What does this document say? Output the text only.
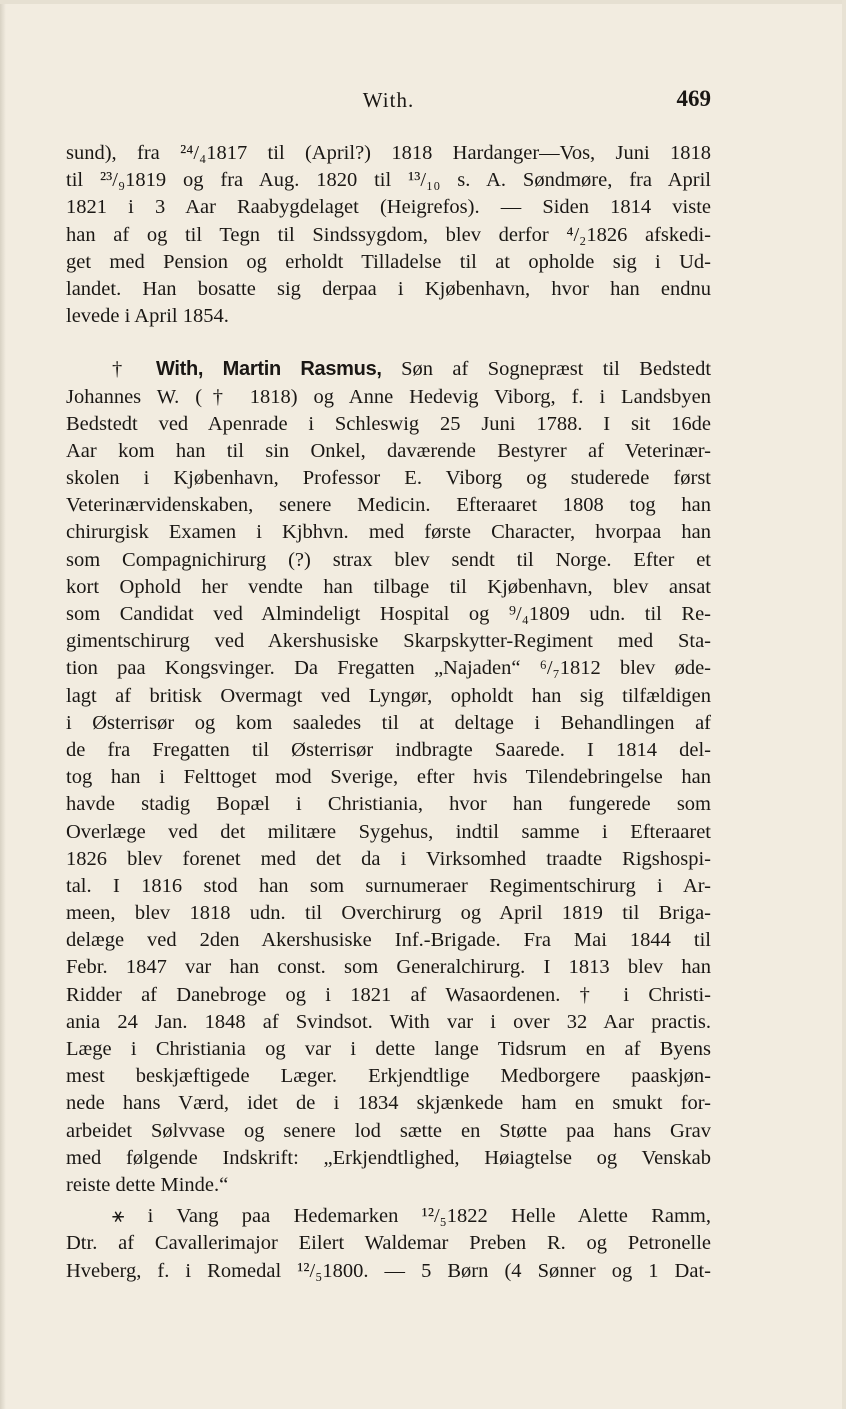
With.	469
sund), fra ²⁴/₄1817 til (April?) 1818 Hardanger—Vos, Juni 1818
til ²³/₉1819 og fra Aug. 1820 til ¹³/₁₀ s. A. Søndmøre, fra April
1821 i 3 Aar Raabygdelaget (Heigrefos). — Siden 1814 viste
han af og til Tegn til Sindssygdom, blev derfor ⁴/₂1826 afskedi-
get med Pension og erholdt Tilladelse til at opholde sig i Ud-
landet. Han bosatte sig derpaa i Kjøbenhavn, hvor han endnu
levede i April 1854.
† With, Martin Rasmus, Søn af Sognepræst til Bedstedt
Johannes W. († 1818) og Anne Hedevig Viborg, f. i Landsbyen
Bedstedt ved Apenrade i Schleswig 25 Juni 1788. I sit 16de
Aar kom han til sin Onkel, daværende Bestyrer af Veterinær-
skolen i Kjøbenhavn, Professor E. Viborg og studerede først
Veterinærvidenskaben, senere Medicin. Efteraaret 1808 tog han
chirurgisk Examen i Kjbhvn. med første Character, hvorpaa han
som Compagnichirurg (?) strax blev sendt til Norge. Efter et
kort Ophold her vendte han tilbage til Kjøbenhavn, blev ansat
som Candidat ved Almindeligt Hospital og ⁹/₄1809 udn. til Re-
gimentschirurg ved Akershusiske Skarpskytter-Regiment med Sta-
tion paa Kongsvinger. Da Fregatten „Najaden“ ⁶/₇1812 blev øde-
lagt af britisk Overmagt ved Lyngør, opholdt han sig tilfældigen
i Østerrisør og kom saaledes til at deltage i Behandlingen af
de fra Fregatten til Østerrisør indbragte Saarede. I 1814 del-
tog han i Felttoget mod Sverige, efter hvis Tilendebringelse han
havde stadig Bopæl i Christiania, hvor han fungerede som
Overlæge ved det militære Sygehus, indtil samme i Efteraaret
1826 blev forenet med det da i Virksomhed traadte Rigshospi-
tal. I 1816 stod han som surnumeraer Regimentschirurg i Ar-
meen, blev 1818 udn. til Overchirurg og April 1819 til Briga-
delæge ved 2den Akershusiske Inf.-Brigade. Fra Mai 1844 til
Febr. 1847 var han const. som Generalchirurg. I 1813 blev han
Ridder af Danebroge og i 1821 af Wasaordenen. † i Christi-
ania 24 Jan. 1848 af Svindsot. With var i over 32 Aar practis.
Læge i Christiania og var i dette lange Tidsrum en af Byens
mest beskjæftigede Læger. Erkjendtlige Medborgere paaskjøn-
nede hans Værd, idet de i 1834 skjænkede ham en smukt for-
arbeidet Sølvvase og senere lod sætte en Støtte paa hans Grav
med følgende Indskrift: „Erkjendtlighed, Høiagtelse og Venskab
reiste dette Minde.“
⚹ i Vang paa Hedemarken ¹²/₅1822 Helle Alette Ramm,
Dtr. af Cavallerimajor Eilert Waldemar Preben R. og Petronelle
Hveberg, f. i Romedal ¹²/₅1800. — 5 Børn (4 Sønner og 1 Dat-
